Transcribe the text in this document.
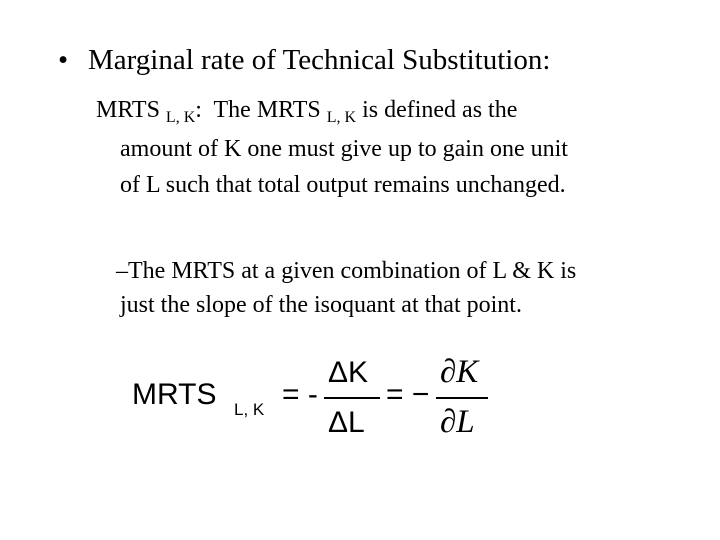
• Marginal rate of Technical Substitution:
MRTS $_{L, K}$: The MRTS $_{L, K}$ is defined as the
amount of K one must give up to gain one unit
of L such that total output remains unchanged.
– The MRTS at a given combination of L & K is
just the slope of the isoquant at that point.
MRTS L, K = -
ΔK
ΔL
= −
∂K
∂L
